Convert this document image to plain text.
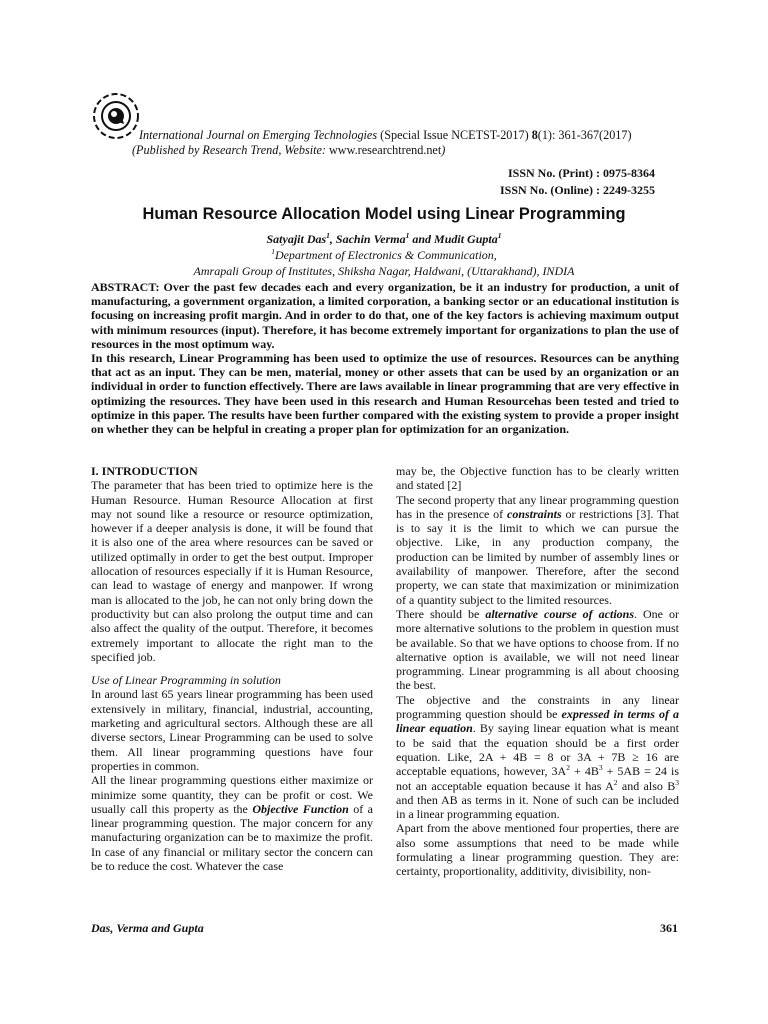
International Journal on Emerging Technologies (Special Issue NCETST-2017) 8(1): 361-367(2017)
(Published by Research Trend, Website: www.researchtrend.net)
ISSN No. (Print) : 0975-8364
ISSN No. (Online) : 2249-3255
Human Resource Allocation Model using Linear Programming
Satyajit Das$^1$, Sachin Verma$^1$ and Mudit Gupta$^1$
$^1$Department of Electronics & Communication,
Amrapali Group of Institutes, Shiksha Nagar, Haldwani, (Uttarakhand), INDIA

ABSTRACT: Over the past few decades each and every organization, be it an industry for production, a unit of manufacturing, a government organization, a limited corporation, a banking sector or an educational institution is focusing on increasing profit margin. And in order to do that, one of the key factors is achieving maximum output with minimum resources (input). Therefore, it has become extremely important for organizations to plan the use of resources in the most optimum way.

In this research, Linear Programming has been used to optimize the use of resources. Resources can be anything that act as an input. They can be men, material, money or other assets that can be used by an organization or an individual in order to function effectively. There are laws available in linear programming that are very effective in optimizing the resources. They have been used in this research and Human Resourcehas been tested and tried to optimize in this paper. The results have been further compared with the existing system to provide a proper insight on whether they can be helpful in creating a proper plan for optimization for an organization.

I. INTRODUCTION

The parameter that has been tried to optimize here is the Human Resource. Human Resource Allocation at first may not sound like a resource or resource optimization, however if a deeper analysis is done, it will be found that it is also one of the area where resources can be saved or utilized optimally in order to get the best output. Improper allocation of resources especially if it is Human Resource, can lead to wastage of energy and manpower. If wrong man is allocated to the job, he can not only bring down the productivity but can also prolong the output time and can also affect the quality of the output. Therefore, it becomes extremely important to allocate the right man to the specified job.

Use of Linear Programming in solution

In around last 65 years linear programming has been used extensively in military, financial, industrial, accounting, marketing and agricultural sectors. Although these are all diverse sectors, Linear Programming can be used to solve them. All linear programming questions have four properties in common.

All the linear programming questions either maximize or minimize some quantity, they can be profit or cost. We usually call this property as the Objective Function of a linear programming question. The major concern for any manufacturing organization can be to maximize the profit. In case of any financial or military sector the concern can be to reduce the cost. Whatever the case

may be, the Objective function has to be clearly written and stated [2]

The second property that any linear programming question has in the presence of constraints or restrictions [3]. That is to say it is the limit to which we can pursue the objective. Like, in any production company, the production can be limited by number of assembly lines or availability of manpower. Therefore, after the second property, we can state that maximization or minimization of a quantity subject to the limited resources.

There should be alternative course of actions. One or more alternative solutions to the problem in question must be available. So that we have options to choose from. If no alternative option is available, we will not need linear programming. Linear programming is all about choosing the best.

The objective and the constraints in any linear programming question should be expressed in terms of a linear equation. By saying linear equation what is meant to be said that the equation should be a first order equation. Like, 2A + 4B = 8 or 3A + 7B ≥ 16 are acceptable equations, however, $3A^2 + 4B^3 + 5AB = 24$ is not an acceptable equation because it has $A^2$ and also $B^3$ and then AB as terms in it. None of such can be included in a linear programming equation.

Apart from the above mentioned four properties, there are also some assumptions that need to be made while formulating a linear programming question. They are: certainty, proportionality, additivity, divisibility, non-

Das, Verma and Gupta	361
